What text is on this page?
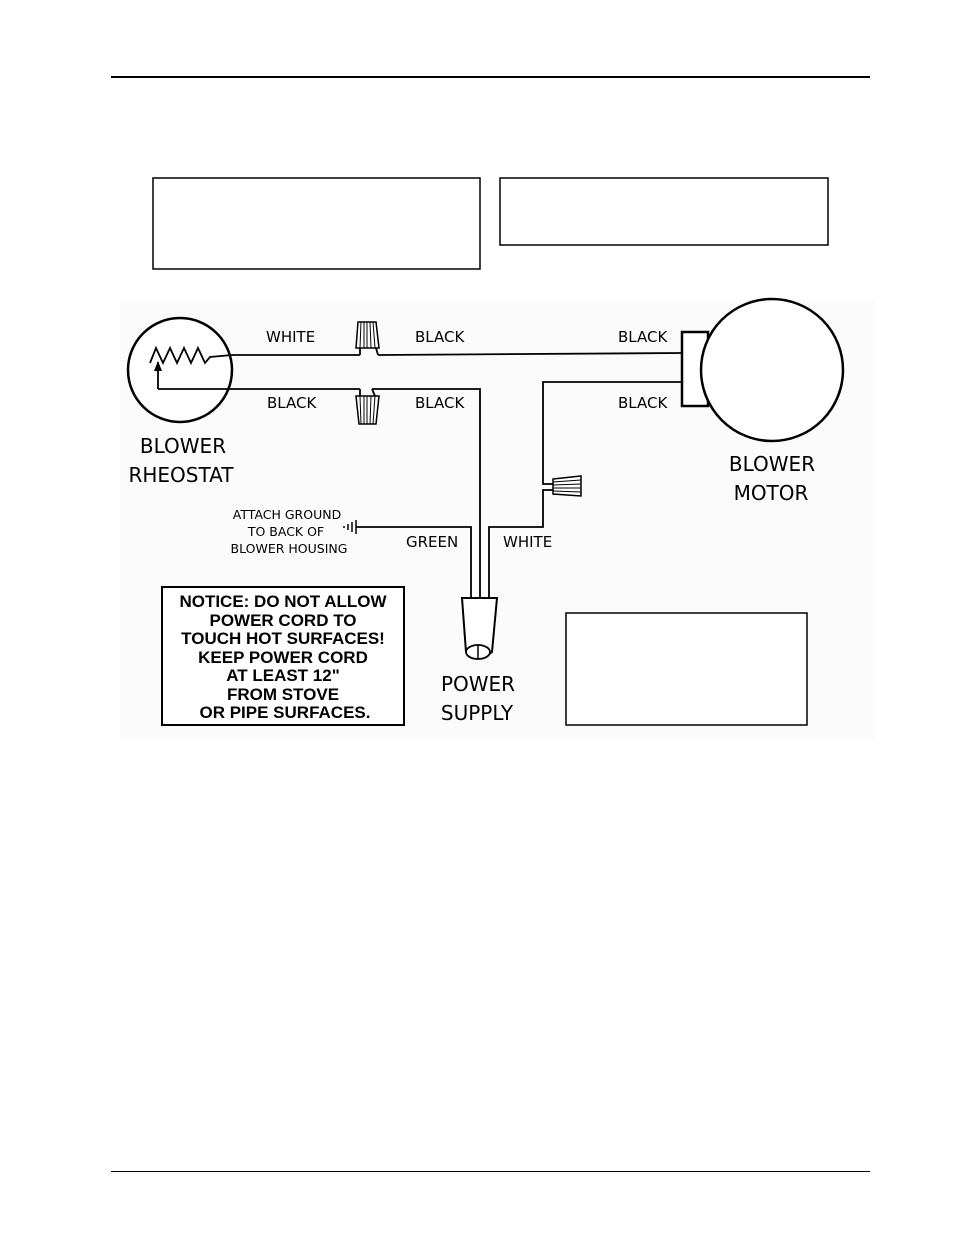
WHITE	BLACK	BLACK
BLACK	BLACK	BLACK
GREEN	WHITE
BLOWER
RHEOSTAT	BLOWER
MOTOR
POWER
SUPPLY
ATTACH GROUND
TO BACK OF
BLOWER HOUSING
NOTICE: DO NOT ALLOW
POWER CORD TO
TOUCH HOT SURFACES!
KEEP POWER CORD
AT LEAST 12"
FROM STOVE
OR PIPE SURFACES.
